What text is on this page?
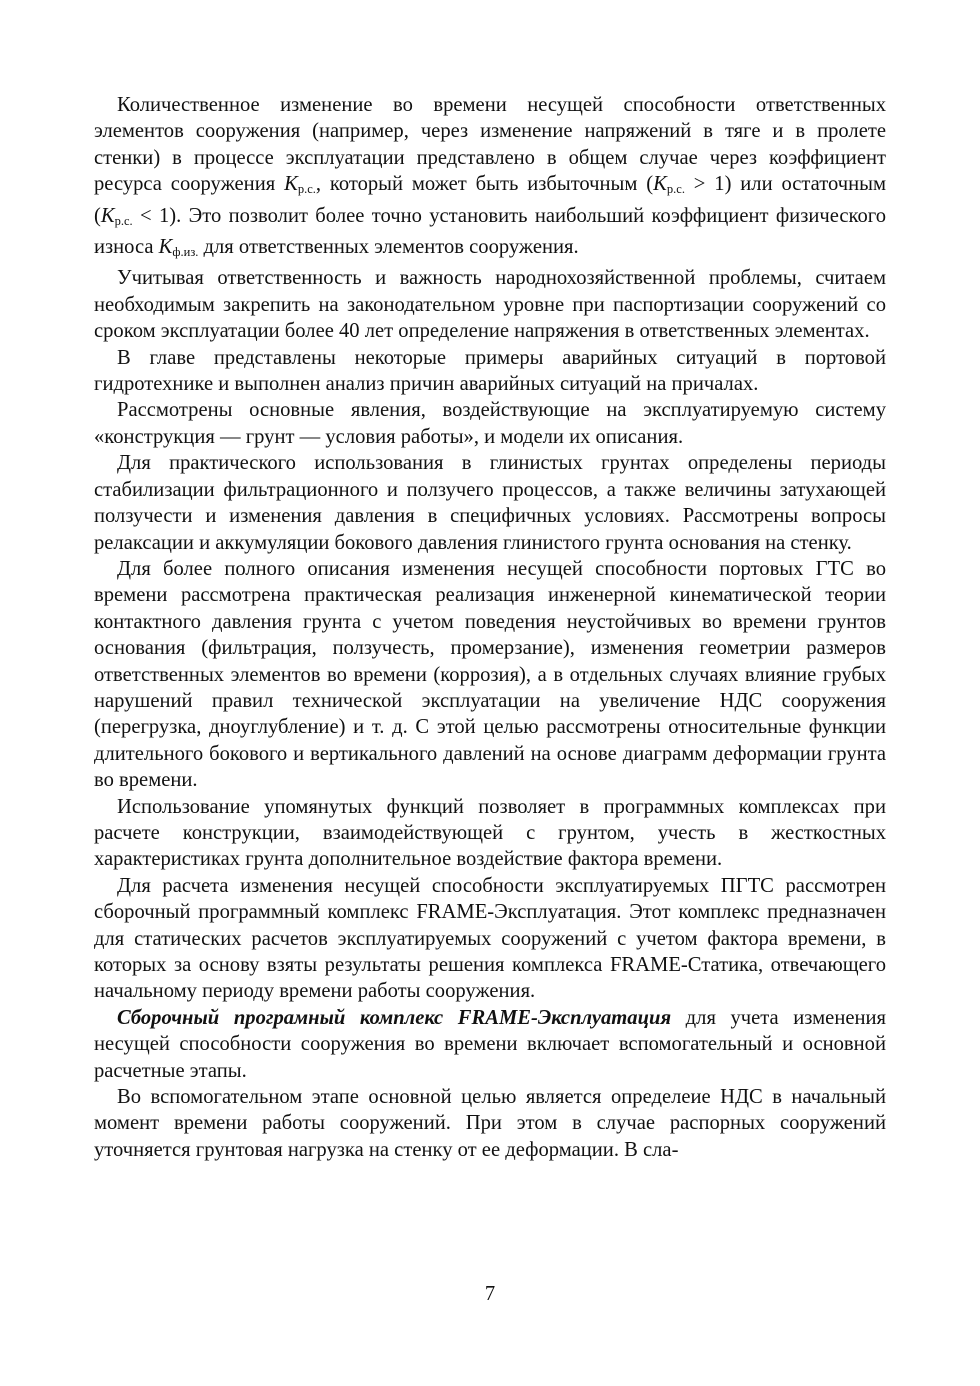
Количественное изменение во времени несущей способности ответственных элементов сооружения (например, через изменение напряжений в тяге и в пролете стенки) в процессе эксплуатации представлено в общем случае через коэффициент ресурса сооружения $K_{р.с.}$, который может быть избыточным $(K_{р.с.} > 1)$ или остаточным $(K_{р.с.} < 1)$. Это позволит более точно установить наибольший коэффициент физического износа $K_{ф.из.}$ для ответственных элементов сооружения.

Учитывая ответственность и важность народнохозяйственной проблемы, считаем необходимым закрепить на законодательном уровне при паспортизации сооружений со сроком эксплуатации более 40 лет определение напряжения в ответственных элементах.

В главе представлены некоторые примеры аварийных ситуаций в портовой гидротехнике и выполнен анализ причин аварийных ситуаций на причалах.

Рассмотрены основные явления, воздействующие на эксплуатируемую систему «конструкция — грунт — условия работы», и модели их описания.

Для практического использования в глинистых грунтах определены периоды стабилизации фильтрационного и ползучего процессов, а также величины затухающей ползучести и изменения давления в специфичных условиях. Рассмотрены вопросы релаксации и аккумуляции бокового давления глинистого грунта основания на стенку.

Для более полного описания изменения несущей способности портовых ГТС во времени рассмотрена практическая реализация инженерной кинематической теории контактного давления грунта с учетом поведения неустойчивых во времени грунтов основания (фильтрация, ползучесть, промерзание), изменения геометрии размеров ответственных элементов во времени (коррозия), а в отдельных случаях влияние грубых нарушений правил технической эксплуатации на увеличение НДС сооружения (перегрузка, дноуглубление) и т. д. С этой целью рассмотрены относительные функции длительного бокового и вертикального давлений на основе диаграмм деформации грунта во времени.

Использование упомянутых функций позволяет в программных комплексах при расчете конструкции, взаимодействующей с грунтом, учесть в жесткостных характеристиках грунта дополнительное воздействие фактора времени.

Для расчета изменения несущей способности эксплуатируемых ПГТС рассмотрен сборочный программный комплекс FRAME-Эксплуатация. Этот комплекс предназначен для статических расчетов эксплуатируемых сооружений с учетом фактора времени, в которых за основу взяты результаты решения комплекса FRAME-Статика, отвечающего начальному периоду времени работы сооружения.

Сборочный програмный комплекс FRAME-Эксплуатация для учета изменения несущей способности сооружения во времени включает вспомогательный и основной расчетные этапы.

Во вспомогательном этапе основной целью является определеие НДС в начальный момент времени работы сооружений. При этом в случае распорных сооружений уточняется грунтовая нагрузка на стенку от ее деформации. В сла-

7
